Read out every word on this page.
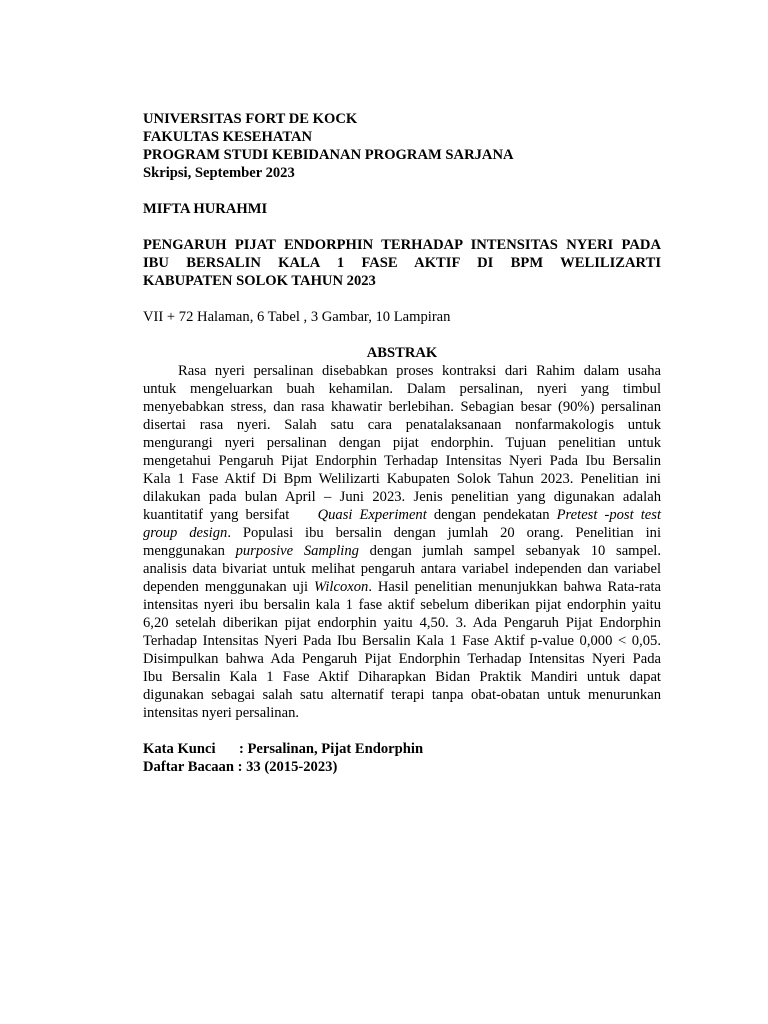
UNIVERSITAS FORT DE KOCK
FAKULTAS KESEHATAN
PROGRAM STUDI KEBIDANAN PROGRAM SARJANA
Skripsi, September 2023
MIFTA HURAHMI
PENGARUH PIJAT ENDORPHIN TERHADAP INTENSITAS NYERI PADA
IBU BERSALIN KALA 1 FASE AKTIF DI BPM WELILIZARTI
KABUPATEN SOLOK TAHUN 2023
VII + 72 Halaman, 6 Tabel , 3 Gambar, 10 Lampiran
ABSTRAK

Rasa nyeri persalinan disebabkan proses kontraksi dari Rahim dalam usaha
untuk mengeluarkan buah kehamilan. Dalam persalinan, nyeri yang timbul
menyebabkan stress, dan rasa khawatir berlebihan. Sebagian besar (90%) persalinan
disertai rasa nyeri. Salah satu cara penatalaksanaan nonfarmakologis untuk
mengurangi nyeri persalinan dengan pijat endorphin. Tujuan penelitian untuk
mengetahui Pengaruh Pijat Endorphin Terhadap Intensitas Nyeri Pada Ibu Bersalin
Kala 1 Fase Aktif Di Bpm Welilizarti Kabupaten Solok Tahun 2023. Penelitian ini
dilakukan pada bulan April – Juni 2023. Jenis penelitian yang digunakan adalah
kuantitatif yang bersifat Quasi Experiment dengan pendekatan Pretest -post test
group design. Populasi ibu bersalin dengan jumlah 20 orang. Penelitian ini
menggunakan purposive Sampling dengan jumlah sampel sebanyak 10 sampel.
analisis data bivariat untuk melihat pengaruh antara variabel independen dan variabel
dependen menggunakan uji Wilcoxon. Hasil penelitian menunjukkan bahwa Rata-rata
intensitas nyeri ibu bersalin kala 1 fase aktif sebelum diberikan pijat endorphin yaitu
6,20 setelah diberikan pijat endorphin yaitu 4,50. 3. Ada Pengaruh Pijat Endorphin
Terhadap Intensitas Nyeri Pada Ibu Bersalin Kala 1 Fase Aktif p-value 0,000 < 0,05.
Disimpulkan bahwa Ada Pengaruh Pijat Endorphin Terhadap Intensitas Nyeri Pada
Ibu Bersalin Kala 1 Fase Aktif Diharapkan Bidan Praktik Mandiri untuk dapat
digunakan sebagai salah satu alternatif terapi tanpa obat-obatan untuk menurunkan
intensitas nyeri persalinan.

Kata Kunci : Persalinan, Pijat Endorphin
Daftar Bacaan : 33 (2015-2023)
